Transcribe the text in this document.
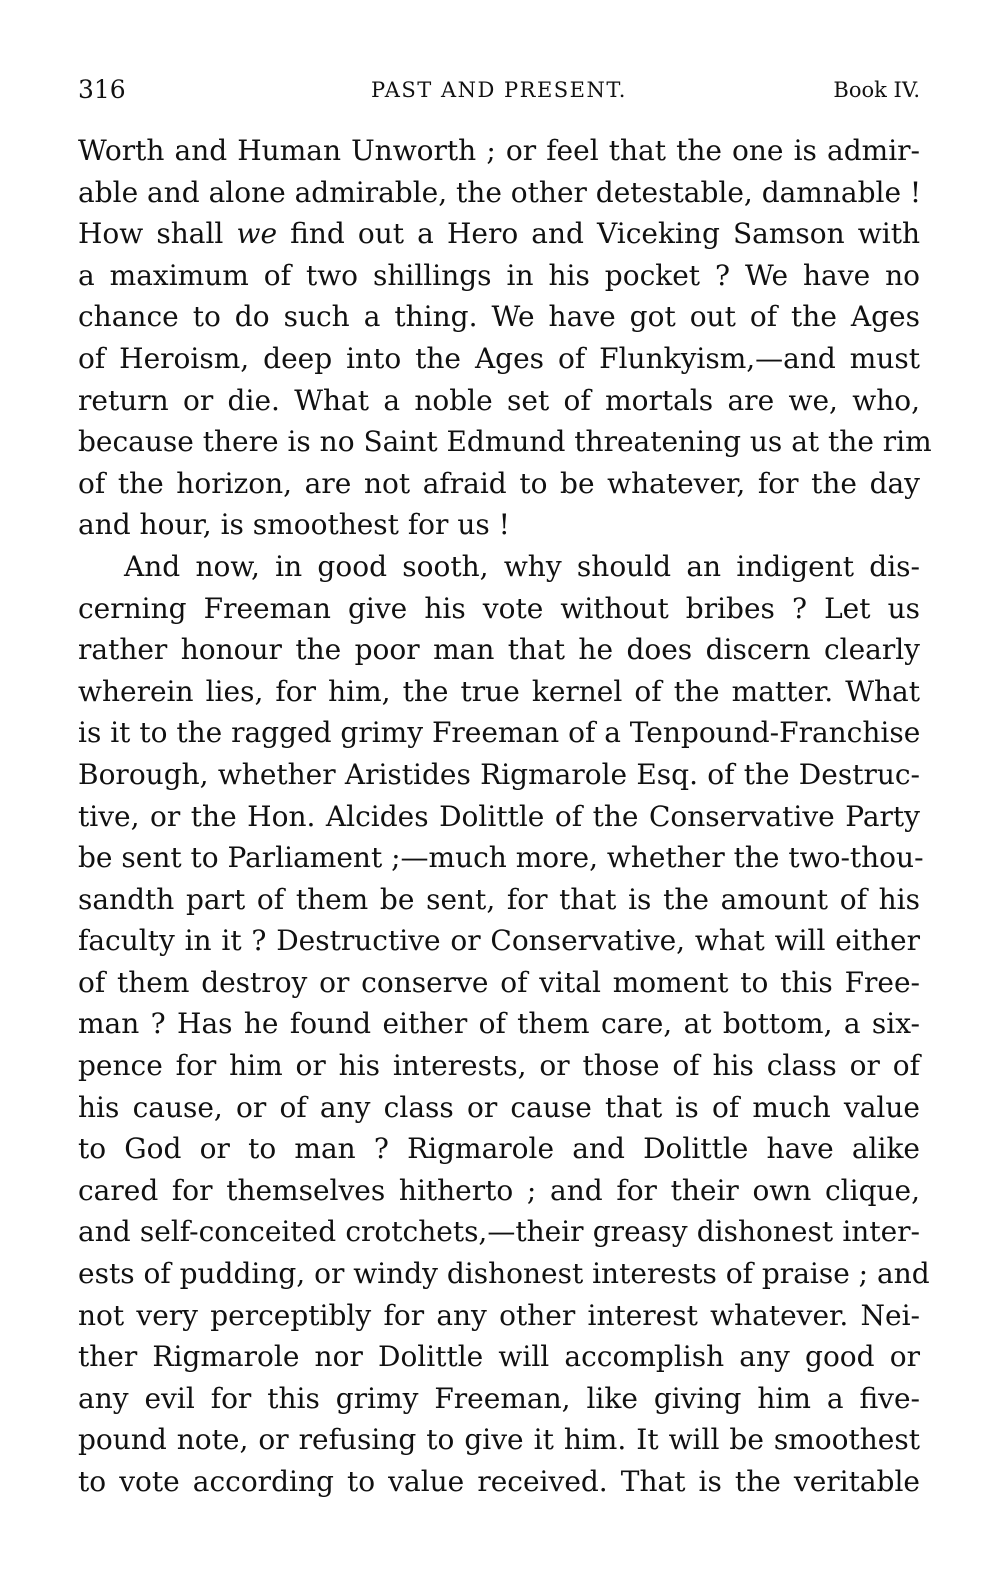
316	PAST AND PRESENT.	Book IV.

Worth and Human Unworth ; or feel that the one is admir-
able and alone admirable, the other detestable, damnable !
How shall we find out a Hero and Viceking Samson with
a maximum of two shillings in his pocket ? We have no
chance to do such a thing. We have got out of the Ages
of Heroism, deep into the Ages of Flunkyism,—and must
return or die. What a noble set of mortals are we, who,
because there is no Saint Edmund threatening us at the rim
of the horizon, are not afraid to be whatever, for the day
and hour, is smoothest for us !

And now, in good sooth, why should an indigent dis-
cerning Freeman give his vote without bribes ? Let us
rather honour the poor man that he does discern clearly
wherein lies, for him, the true kernel of the matter. What
is it to the ragged grimy Freeman of a Tenpound-Franchise
Borough, whether Aristides Rigmarole Esq. of the Destruc-
tive, or the Hon. Alcides Dolittle of the Conservative Party
be sent to Parliament ;—much more, whether the two-thou-
sandth part of them be sent, for that is the amount of his
faculty in it ? Destructive or Conservative, what will either
of them destroy or conserve of vital moment to this Free-
man ? Has he found either of them care, at bottom, a six-
pence for him or his interests, or those of his class or of
his cause, or of any class or cause that is of much value
to God or to man ? Rigmarole and Dolittle have alike
cared for themselves hitherto ; and for their own clique,
and self-conceited crotchets,—their greasy dishonest inter-
ests of pudding, or windy dishonest interests of praise ; and
not very perceptibly for any other interest whatever. Nei-
ther Rigmarole nor Dolittle will accomplish any good or
any evil for this grimy Freeman, like giving him a five-
pound note, or refusing to give it him. It will be smoothest
to vote according to value received. That is the veritable
